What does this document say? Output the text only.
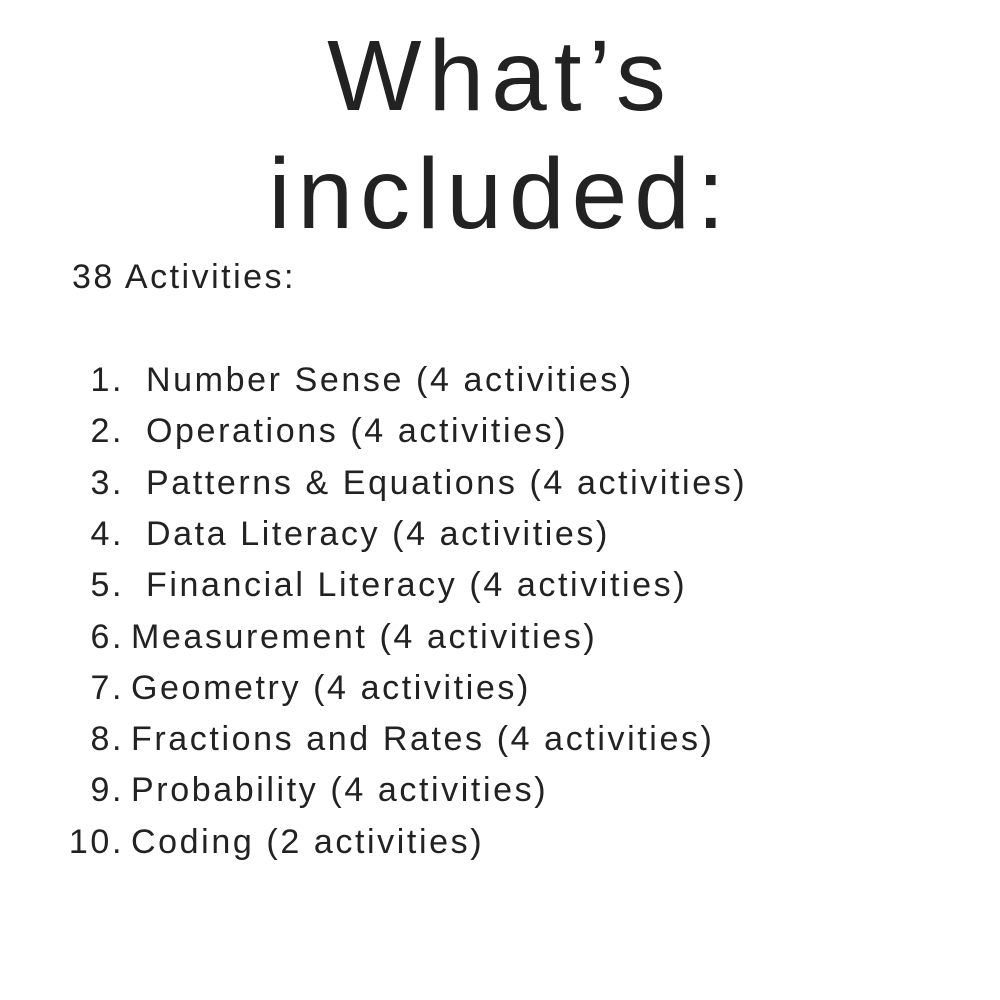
What’s
included:
38 Activities:
1. Number Sense (4 activities)
2. Operations (4 activities)
3. Patterns & Equations (4 activities)
4. Data Literacy (4 activities)
5. Financial Literacy (4 activities)
6. Measurement (4 activities)
7. Geometry (4 activities)
8. Fractions and Rates (4 activities)
9. Probability (4 activities)
10. Coding (2 activities)
